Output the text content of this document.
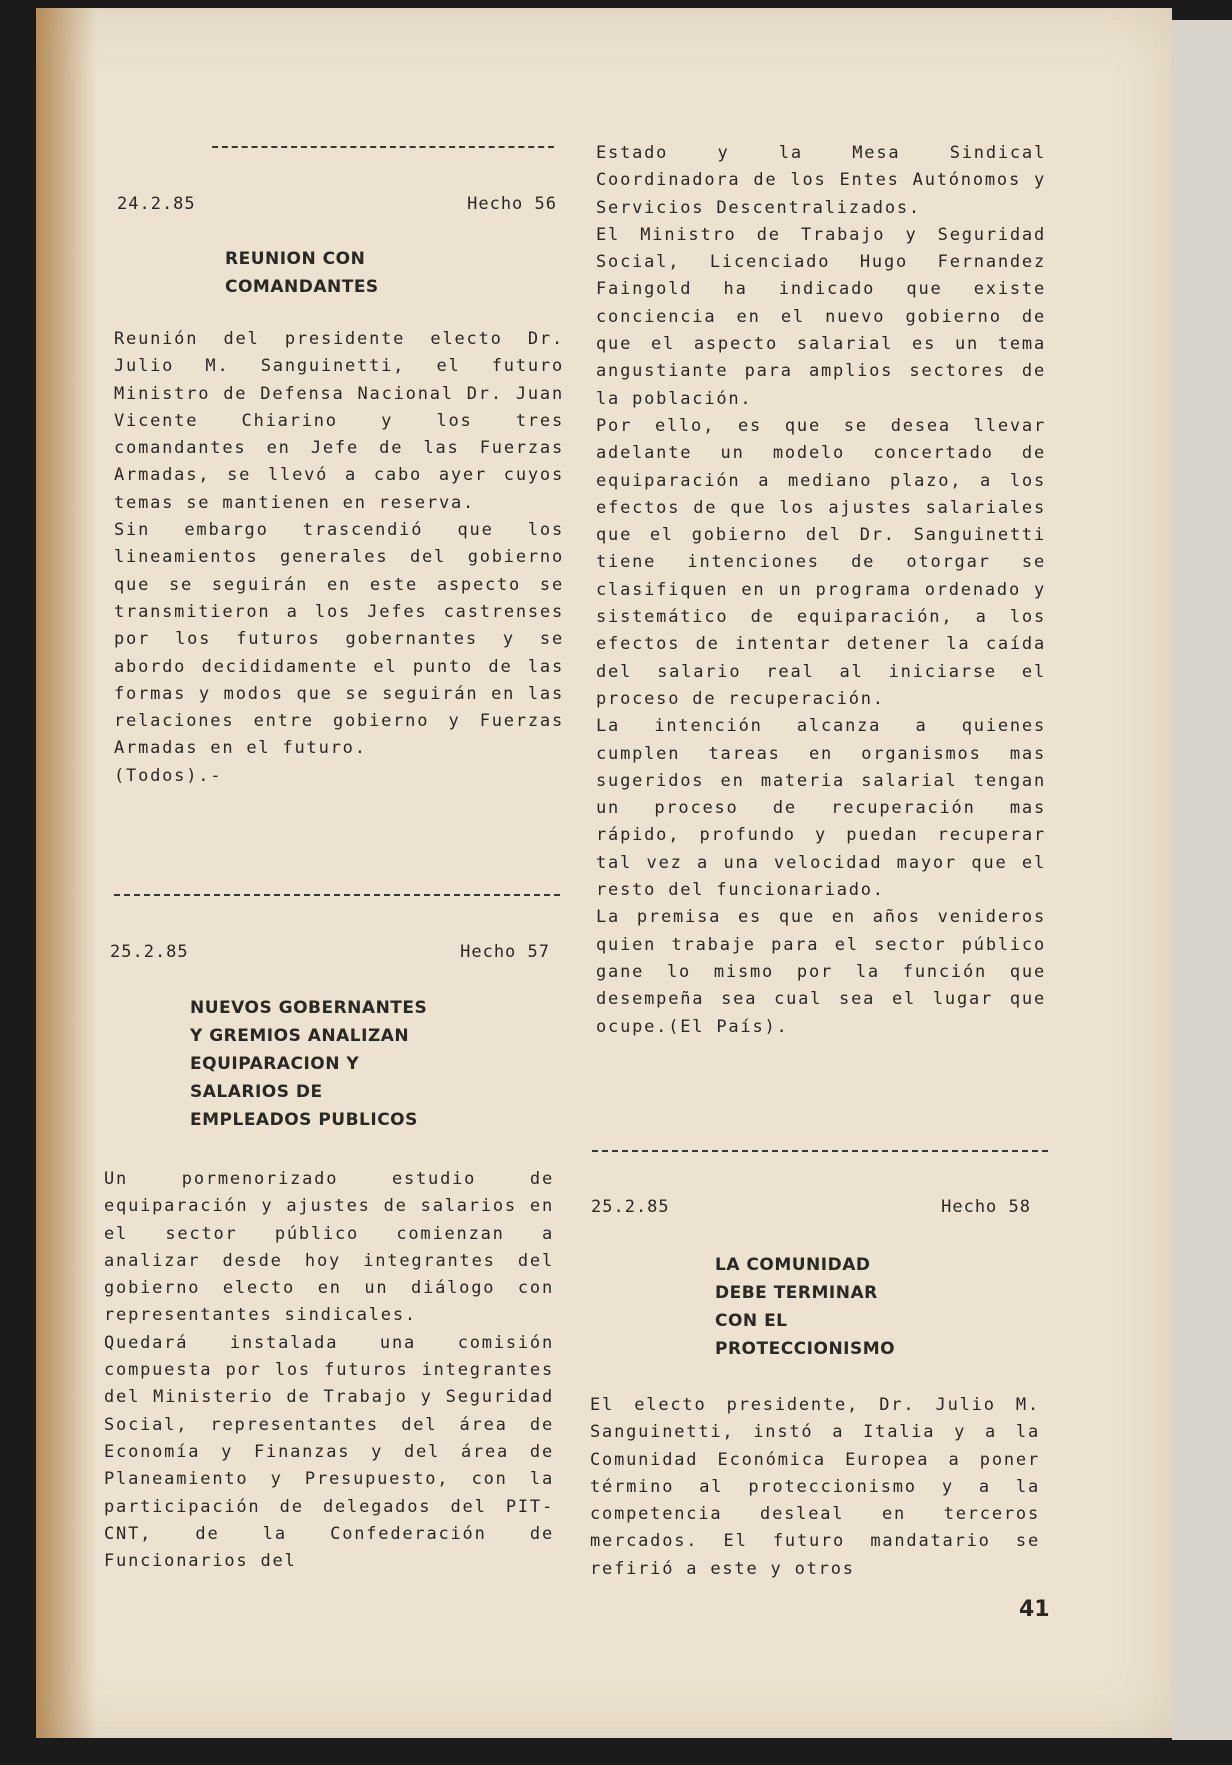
24.2.85	Hecho 56
REUNION CON
COMANDANTES
Reunión del presidente electo Dr. Julio M. Sanguinetti, el futuro Ministro de Defensa Nacional Dr. Juan Vicente Chiarino y los tres comandantes en Jefe de las Fuerzas Armadas, se llevó a cabo ayer cuyos temas se mantienen en reserva.
Sin embargo trascendió que los lineamientos generales del gobierno que se seguirán en este aspecto se transmitieron a los Jefes castrenses por los futuros gobernantes y se abordo decididamente el punto de las formas y modos que se seguirán en las relaciones entre gobierno y Fuerzas Armadas en el futuro.
(Todos).-
25.2.85	Hecho 57
NUEVOS GOBERNANTES
Y GREMIOS ANALIZAN
EQUIPARACION Y
SALARIOS DE
EMPLEADOS PUBLICOS
Un pormenorizado estudio de equiparación y ajustes de salarios en el sector público comienzan a analizar desde hoy integrantes del gobierno electo en un diálogo con representantes sindicales.
Quedará instalada una comisión compuesta por los futuros integrantes del Ministerio de Trabajo y Seguridad Social, representantes del área de Economía y Finanzas y del área de Planeamiento y Presupuesto, con la participación de delegados del PIT-CNT, de la Confederación de Funcionarios del
Estado y la Mesa Sindical Coordinadora de los Entes Autónomos y Servicios Descentralizados.
El Ministro de Trabajo y Seguridad Social, Licenciado Hugo Fernandez Faingold ha indicado que existe conciencia en el nuevo gobierno de que el aspecto salarial es un tema angustiante para amplios sectores de la población.
Por ello, es que se desea llevar adelante un modelo concertado de equiparación a mediano plazo, a los efectos de que los ajustes salariales que el gobierno del Dr. Sanguinetti tiene intenciones de otorgar se clasifiquen en un programa ordenado y sistemático de equiparación, a los efectos de intentar detener la caída del salario real al iniciarse el proceso de recuperación.
La intención alcanza a quienes cumplen tareas en organismos mas sugeridos en materia salarial tengan un proceso de recuperación mas rápido, profundo y puedan recuperar tal vez a una velocidad mayor que el resto del funcionariado.
La premisa es que en años venideros quien trabaje para el sector público gane lo mismo por la función que desempeña sea cual sea el lugar que ocupe.(El País).
25.2.85	Hecho 58
LA COMUNIDAD
DEBE TERMINAR
CON EL
PROTECCIONISMO
El electo presidente, Dr. Julio M. Sanguinetti, instó a Italia y a la Comunidad Económica Europea a poner término al proteccionismo y a la competencia desleal en terceros mercados. El futuro mandatario se refirió a este y otros
41
